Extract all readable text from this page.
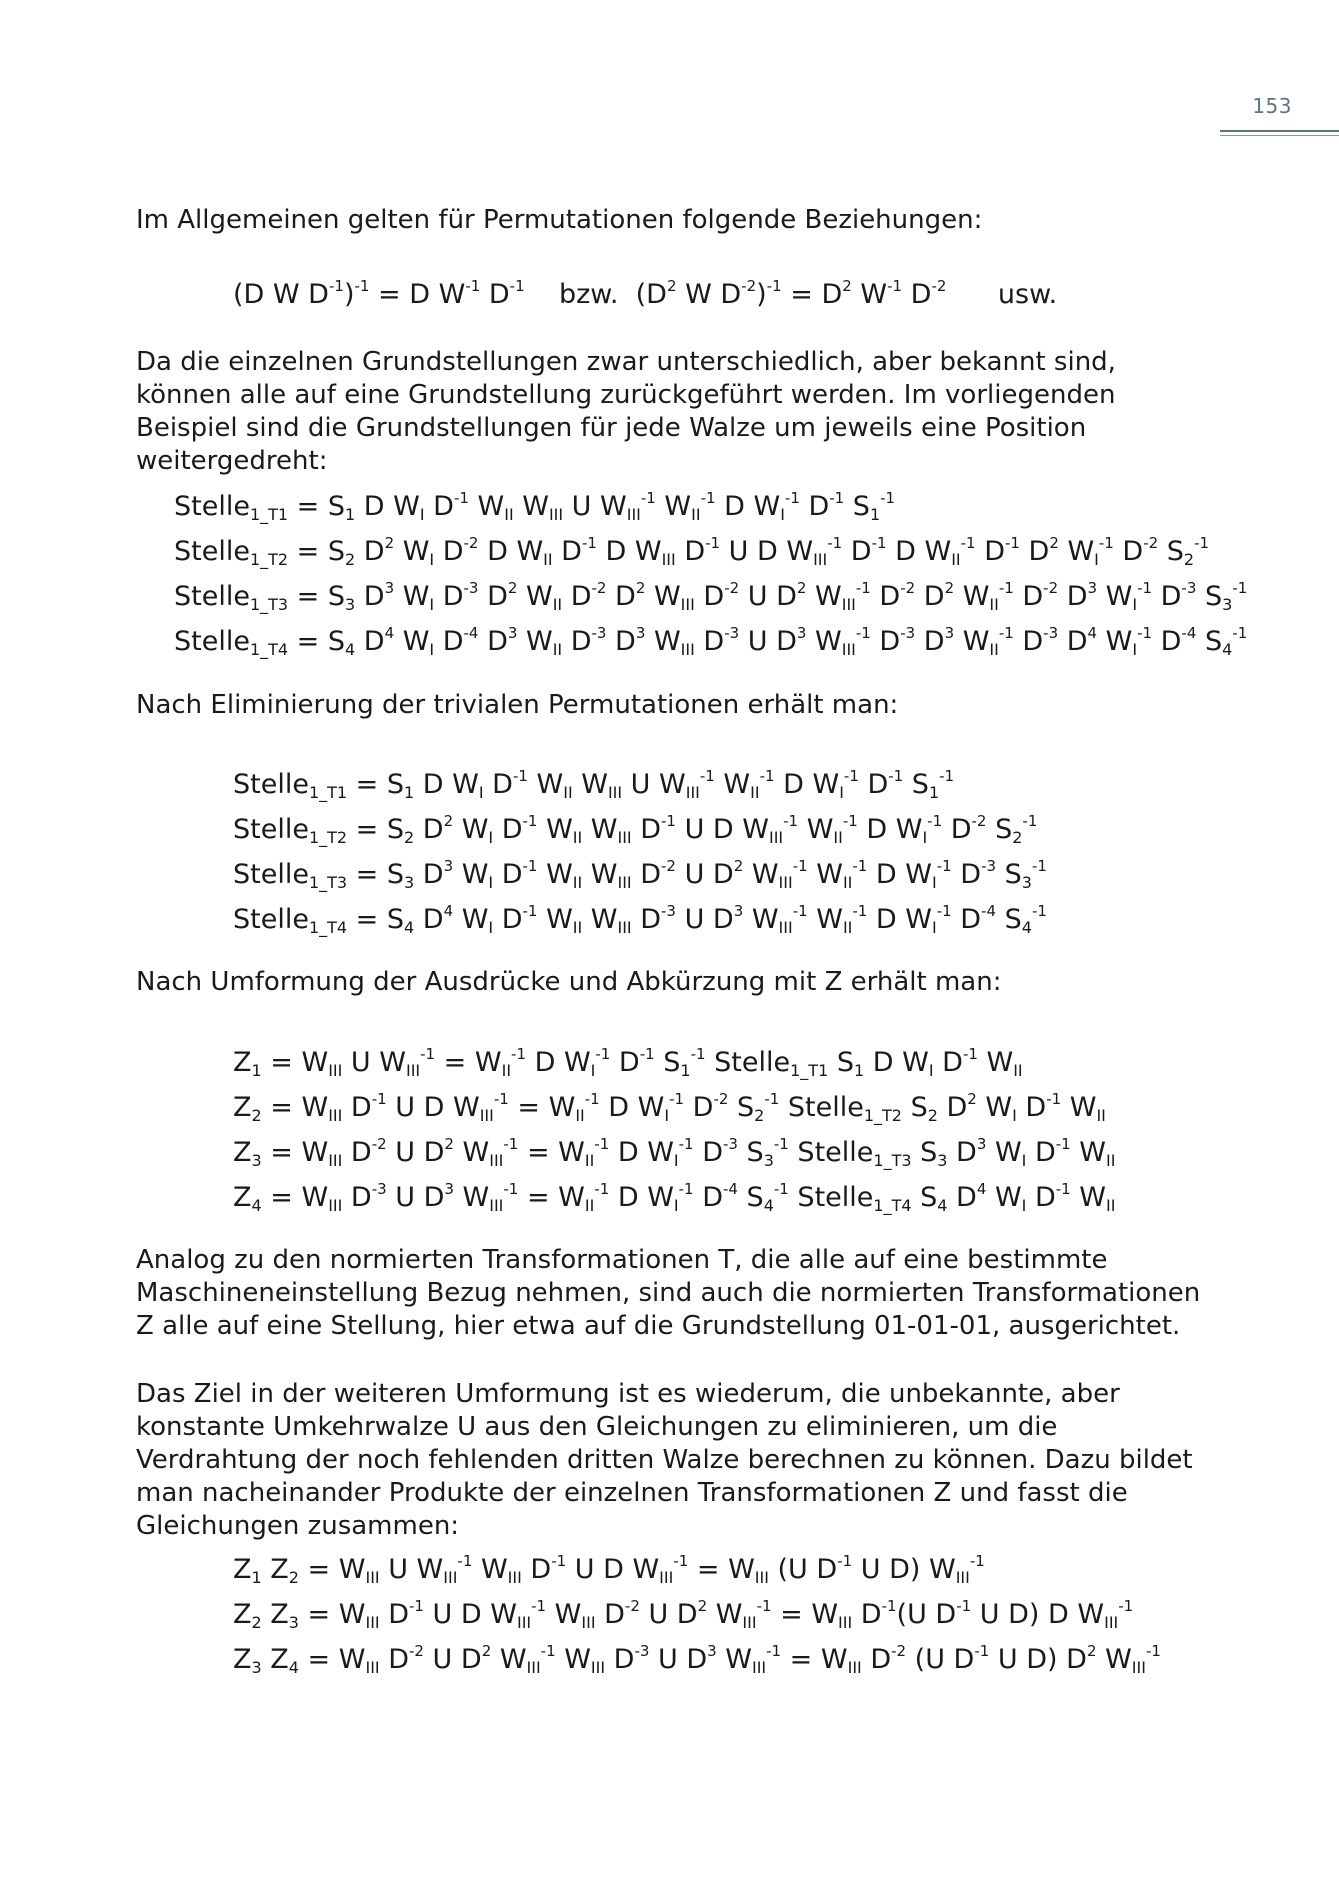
153

Im Allgemeinen gelten für Permutationen folgende Beziehungen:

(D W $D^{-1})^{-1} = D$ $W^{-1}$ $D^{-1}$    bzw.  ($D^2$ W $D^{-2})^{-1} = D^2$ $W^{-1}$ $D^{-2}$      usw.

Da die einzelnen Grundstellungen zwar unterschiedlich, aber bekannt sind, können alle auf eine Grundstellung zurückgeführt werden. Im vorliegenden Beispiel sind die Grundstellungen für jede Walze um jeweils eine Position weitergedreht:

Stelle$_{1\_T1}$ = $S_1$ D $W_I$ $D^{-1}$ $W_{II}$ $W_{III}$ U $W_{III}^{-1}$ $W_{II}^{-1}$ D $W_I^{-1}$ $D^{-1}$ $S_1^{-1}$
Stelle$_{1\_T2}$ = $S_2$ $D^2$ $W_I$ $D^{-2}$ D $W_{II}$ $D^{-1}$ D $W_{III}$ $D^{-1}$ U D $W_{III}^{-1}$ $D^{-1}$ D $W_{II}^{-1}$ $D^{-1}$ $D^2$ $W_I^{-1}$ $D^{-2}$ $S_2^{-1}$
Stelle$_{1\_T3}$ = $S_3$ $D^3$ $W_I$ $D^{-3}$ $D^2$ $W_{II}$ $D^{-2}$ $D^2$ $W_{III}$ $D^{-2}$ U $D^2$ $W_{III}^{-1}$ $D^{-2}$ $D^2$ $W_{II}^{-1}$ $D^{-2}$ $D^3$ $W_I^{-1}$ $D^{-3}$ $S_3^{-1}$
Stelle$_{1\_T4}$ = $S_4$ $D^4$ $W_I$ $D^{-4}$ $D^3$ $W_{II}$ $D^{-3}$ $D^3$ $W_{III}$ $D^{-3}$ U $D^3$ $W_{III}^{-1}$ $D^{-3}$ $D^3$ $W_{II}^{-1}$ $D^{-3}$ $D^4$ $W_I^{-1}$ $D^{-4}$ $S_4^{-1}$

Nach Eliminierung der trivialen Permutationen erhält man:

Stelle$_{1\_T1}$ = $S_1$ D $W_I$ $D^{-1}$ $W_{II}$ $W_{III}$ U $W_{III}^{-1}$ $W_{II}^{-1}$ D $W_I^{-1}$ $D^{-1}$ $S_1^{-1}$
Stelle$_{1\_T2}$ = $S_2$ $D^2$ $W_I$ $D^{-1}$ $W_{II}$ $W_{III}$ $D^{-1}$ U D $W_{III}^{-1}$ $W_{II}^{-1}$ D $W_I^{-1}$ $D^{-2}$ $S_2^{-1}$
Stelle$_{1\_T3}$ = $S_3$ $D^3$ $W_I$ $D^{-1}$ $W_{II}$ $W_{III}$ $D^{-2}$ U $D^2$ $W_{III}^{-1}$ $W_{II}^{-1}$ D $W_I^{-1}$ $D^{-3}$ $S_3^{-1}$
Stelle$_{1\_T4}$ = $S_4$ $D^4$ $W_I$ $D^{-1}$ $W_{II}$ $W_{III}$ $D^{-3}$ U $D^3$ $W_{III}^{-1}$ $W_{II}^{-1}$ D $W_I^{-1}$ $D^{-4}$ $S_4^{-1}$

Nach Umformung der Ausdrücke und Abkürzung mit Z erhält man:

$Z_1 = W_{III}$ U $W_{III}^{-1} = W_{II}^{-1}$ D $W_I^{-1}$ $D^{-1}$ $S_1^{-1}$ Stelle$_{1\_T1}$ $S_1$ D $W_I$ $D^{-1}$ $W_{II}$
$Z_2 = W_{III}$ $D^{-1}$ U D $W_{III}^{-1} = W_{II}^{-1}$ D $W_I^{-1}$ $D^{-2}$ $S_2^{-1}$ Stelle$_{1\_T2}$ $S_2$ $D^2$ $W_I$ $D^{-1}$ $W_{II}$
$Z_3 = W_{III}$ $D^{-2}$ U $D^2$ $W_{III}^{-1} = W_{II}^{-1}$ D $W_I^{-1}$ $D^{-3}$ $S_3^{-1}$ Stelle$_{1\_T3}$ $S_3$ $D^3$ $W_I$ $D^{-1}$ $W_{II}$
$Z_4 = W_{III}$ $D^{-3}$ U $D^3$ $W_{III}^{-1} = W_{II}^{-1}$ D $W_I^{-1}$ $D^{-4}$ $S_4^{-1}$ Stelle$_{1\_T4}$ $S_4$ $D^4$ $W_I$ $D^{-1}$ $W_{II}$

Analog zu den normierten Transformationen T, die alle auf eine bestimmte Maschineneinstellung Bezug nehmen, sind auch die normierten Transformationen Z alle auf eine Stellung, hier etwa auf die Grundstellung 01-01-01, ausgerichtet.

Das Ziel in der weiteren Umformung ist es wiederum, die unbekannte, aber konstante Umkehrwalze U aus den Gleichungen zu eliminieren, um die Verdrahtung der noch fehlenden dritten Walze berechnen zu können. Dazu bildet man nacheinander Produkte der einzelnen Transformationen Z und fasst die Gleichungen zusammen:

$Z_1$ $Z_2 = W_{III}$ U $W_{III}^{-1}$ $W_{III}$ $D^{-1}$ U D $W_{III}^{-1} = W_{III}$ (U $D^{-1}$ U D) $W_{III}^{-1}$
$Z_2$ $Z_3 = W_{III}$ $D^{-1}$ U D $W_{III}^{-1}$ $W_{III}$ $D^{-2}$ U $D^2$ $W_{III}^{-1} = W_{III}$ $D^{-1}(U$ $D^{-1}$ U D) D $W_{III}^{-1}$
$Z_3$ $Z_4 = W_{III}$ $D^{-2}$ U $D^2$ $W_{III}^{-1}$ $W_{III}$ $D^{-3}$ U $D^3$ $W_{III}^{-1} = W_{III}$ $D^{-2}$ (U $D^{-1}$ U D) $D^2$ $W_{III}^{-1}$
